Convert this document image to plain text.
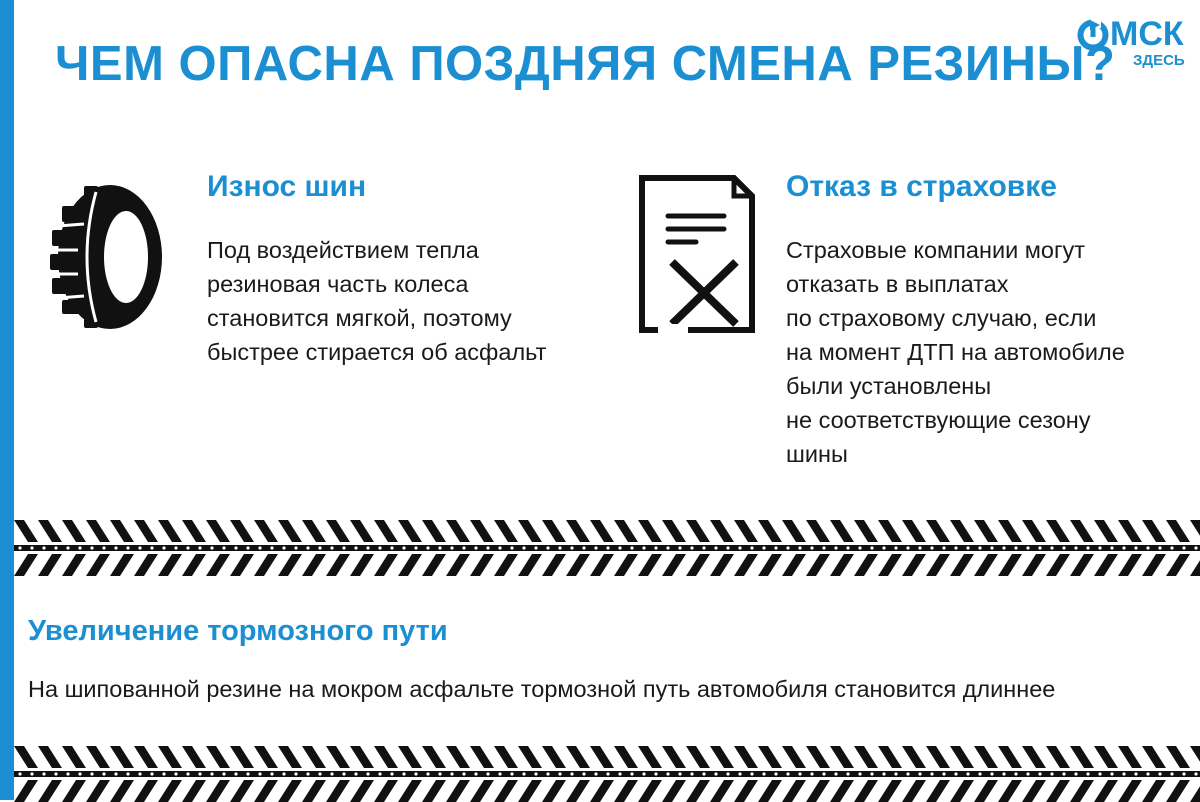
ЧЕМ ОПАСНА ПОЗДНЯЯ СМЕНА РЕЗИНЫ?
МСК
ЗДЕСЬ
Износ шин
Под воздействием тепла
резиновая часть колеса
становится мягкой, поэтому
быстрее стирается об асфальт
Отказ в страховке
Страховые компании могут
отказать в выплатах
по страховому случаю, если
на момент ДТП на автомобиле
были установлены
не соответствующие сезону
шины
Увеличение тормозного пути
На шипованной резине на мокром асфальте тормозной путь автомобиля становится длиннее
